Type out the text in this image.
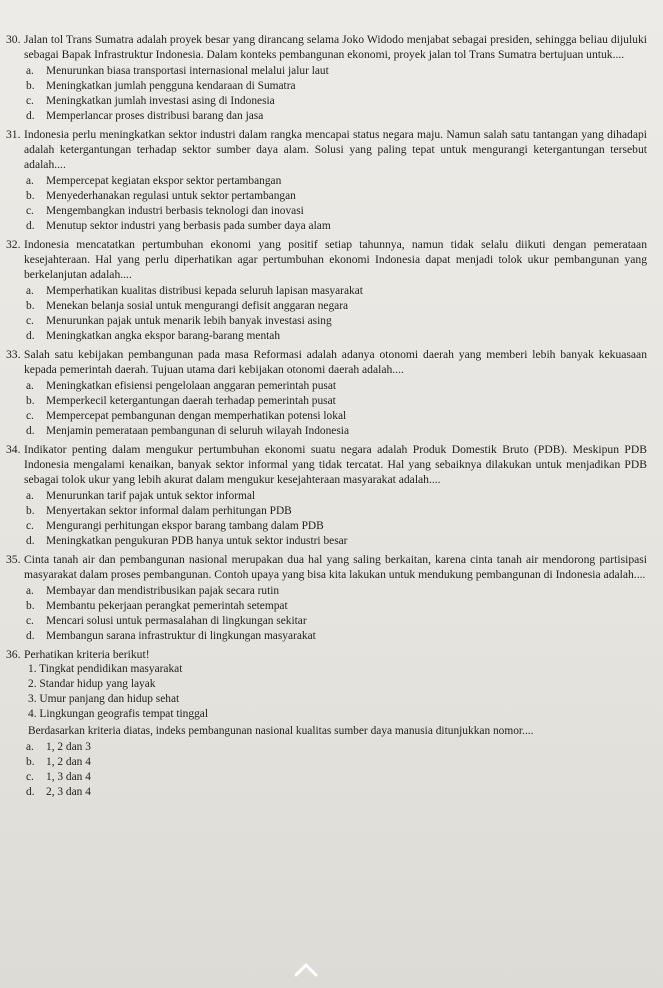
30. Jalan tol Trans Sumatra adalah proyek besar yang dirancang selama Joko Widodo menjabat sebagai presiden, sehingga beliau dijuluki sebagai Bapak Infrastruktur Indonesia. Dalam konteks pembangunan ekonomi, proyek jalan tol Trans Sumatra bertujuan untuk....
a. Menurunkan biasa transportasi internasional melalui jalur laut
b. Meningkatkan jumlah pengguna kendaraan di Sumatra
c. Meningkatkan jumlah investasi asing di Indonesia
d. Memperlancar proses distribusi barang dan jasa
31. Indonesia perlu meningkatkan sektor industri dalam rangka mencapai status negara maju. Namun salah satu tantangan yang dihadapi adalah ketergantungan terhadap sektor sumber daya alam. Solusi yang paling tepat untuk mengurangi ketergantungan tersebut adalah....
a. Mempercepat kegiatan ekspor sektor pertambangan
b. Menyederhanakan regulasi untuk sektor pertambangan
c. Mengembangkan industri berbasis teknologi dan inovasi
d. Menutup sektor industri yang berbasis pada sumber daya alam
32. Indonesia mencatatkan pertumbuhan ekonomi yang positif setiap tahunnya, namun tidak selalu diikuti dengan pemerataan kesejahteraan. Hal yang perlu diperhatikan agar pertumbuhan ekonomi Indonesia dapat menjadi tolok ukur pembangunan yang berkelanjutan adalah....
a. Memperhatikan kualitas distribusi kepada seluruh lapisan masyarakat
b. Menekan belanja sosial untuk mengurangi defisit anggaran negara
c. Menurunkan pajak untuk menarik lebih banyak investasi asing
d. Meningkatkan angka ekspor barang-barang mentah
33. Salah satu kebijakan pembangunan pada masa Reformasi adalah adanya otonomi daerah yang memberi lebih banyak kekuasaan kepada pemerintah daerah. Tujuan utama dari kebijakan otonomi daerah adalah....
a. Meningkatkan efisiensi pengelolaan anggaran pemerintah pusat
b. Memperkecil ketergantungan daerah terhadap pemerintah pusat
c. Mempercepat pembangunan dengan memperhatikan potensi lokal
d. Menjamin pemerataan pembangunan di seluruh wilayah Indonesia
34. Indikator penting dalam mengukur pertumbuhan ekonomi suatu negara adalah Produk Domestik Bruto (PDB). Meskipun PDB Indonesia mengalami kenaikan, banyak sektor informal yang tidak tercatat. Hal yang sebaiknya dilakukan untuk menjadikan PDB sebagai tolok ukur yang lebih akurat dalam mengukur kesejahteraan masyarakat adalah....
a. Menurunkan tarif pajak untuk sektor informal
b. Menyertakan sektor informal dalam perhitungan PDB
c. Mengurangi perhitungan ekspor barang tambang dalam PDB
d. Meningkatkan pengukuran PDB hanya untuk sektor industri besar
35. Cinta tanah air dan pembangunan nasional merupakan dua hal yang saling berkaitan, karena cinta tanah air mendorong partisipasi masyarakat dalam proses pembangunan. Contoh upaya yang bisa kita lakukan untuk mendukung pembangunan di Indonesia adalah....
a. Membayar dan mendistribusikan pajak secara rutin
b. Membantu pekerjaan perangkat pemerintah setempat
c. Mencari solusi untuk permasalahan di lingkungan sekitar
d. Membangun sarana infrastruktur di lingkungan masyarakat
36. Perhatikan kriteria berikut!
1. Tingkat pendidikan masyarakat
2. Standar hidup yang layak
3. Umur panjang dan hidup sehat
4. Lingkungan geografis tempat tinggal
Berdasarkan kriteria diatas, indeks pembangunan nasional kualitas sumber daya manusia ditunjukkan nomor....
a. 1, 2 dan 3
b. 1, 2 dan 4
c. 1, 3 dan 4
d. 2, 3 dan 4
